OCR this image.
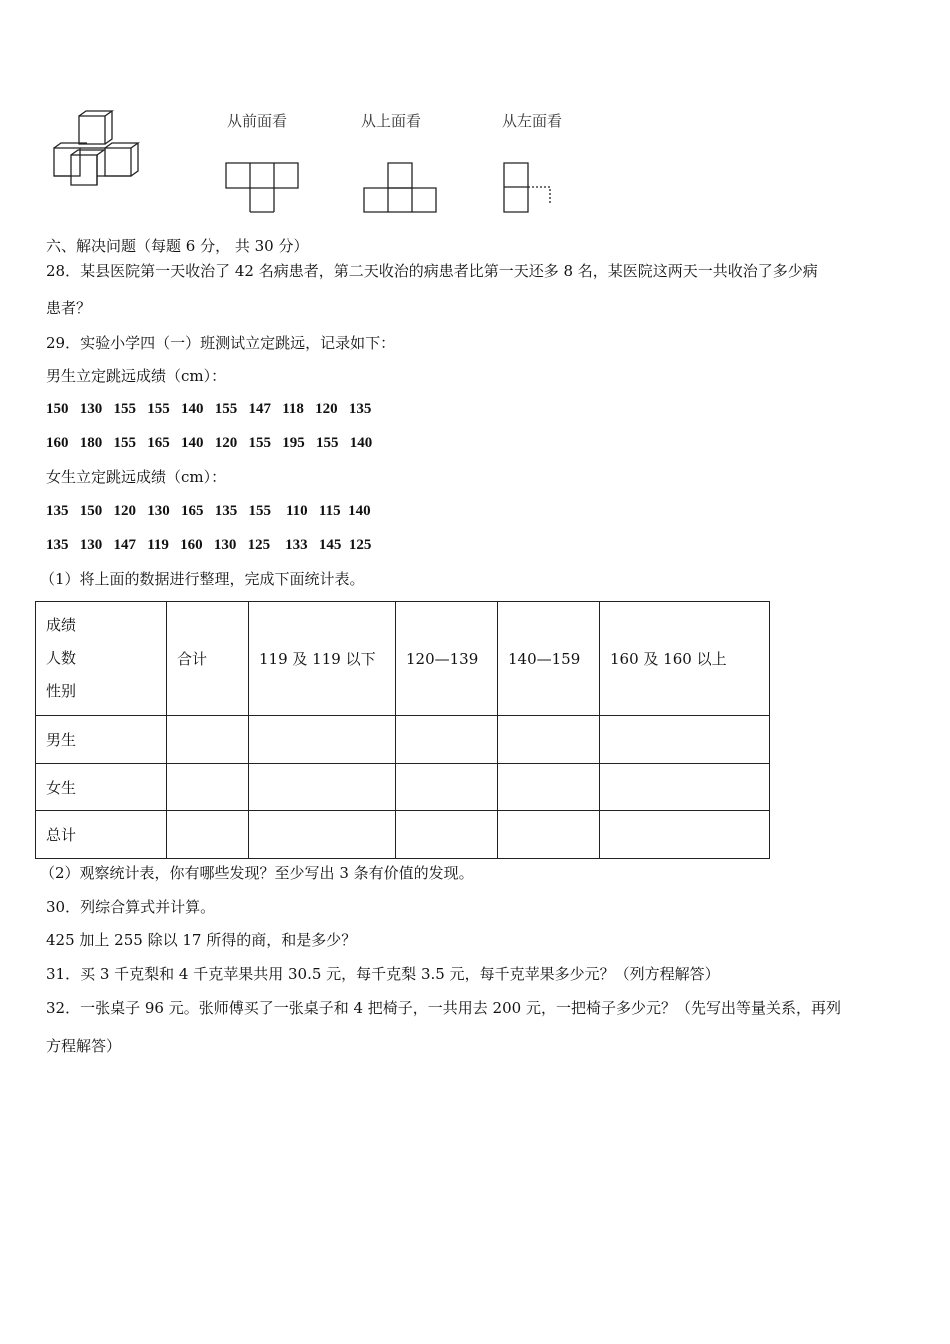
从前面看	从上面看	从左面看
六、解决问题（每题 6 分， 共 30 分）
28．某县医院第一天收治了 42 名病患者，第二天收治的病患者比第一天还多 8 名，某医院这两天一共收治了多少病
患者？
29．实验小学四（一）班测试立定跳远，记录如下：
男生立定跳远成绩（cm）：
150   130   155   155   140   155   147   118   120   135
160   180   155   165   140   120   155   195   155   140
女生立定跳远成绩（cm）：
135   150   120   130   165   135   155    110   115  140
135   130   147   119   160   130   125    133   145  125
（1）将上面的数据进行整理，完成下面统计表。
成绩
人数
性别	合计	119 及 119 以下	120—139	140—159	160 及 160 以上
男生					
女生					
总计					
（2）观察统计表，你有哪些发现？至少写出 3 条有价值的发现。
30．列综合算式并计算。
425 加上 255 除以 17 所得的商，和是多少？
31．买 3 千克梨和 4 千克苹果共用 30.5 元，每千克梨 3.5 元，每千克苹果多少元？（列方程解答）
32．一张桌子 96 元。张师傅买了一张桌子和 4 把椅子，一共用去 200 元，一把椅子多少元？（先写出等量关系，再列
方程解答）
